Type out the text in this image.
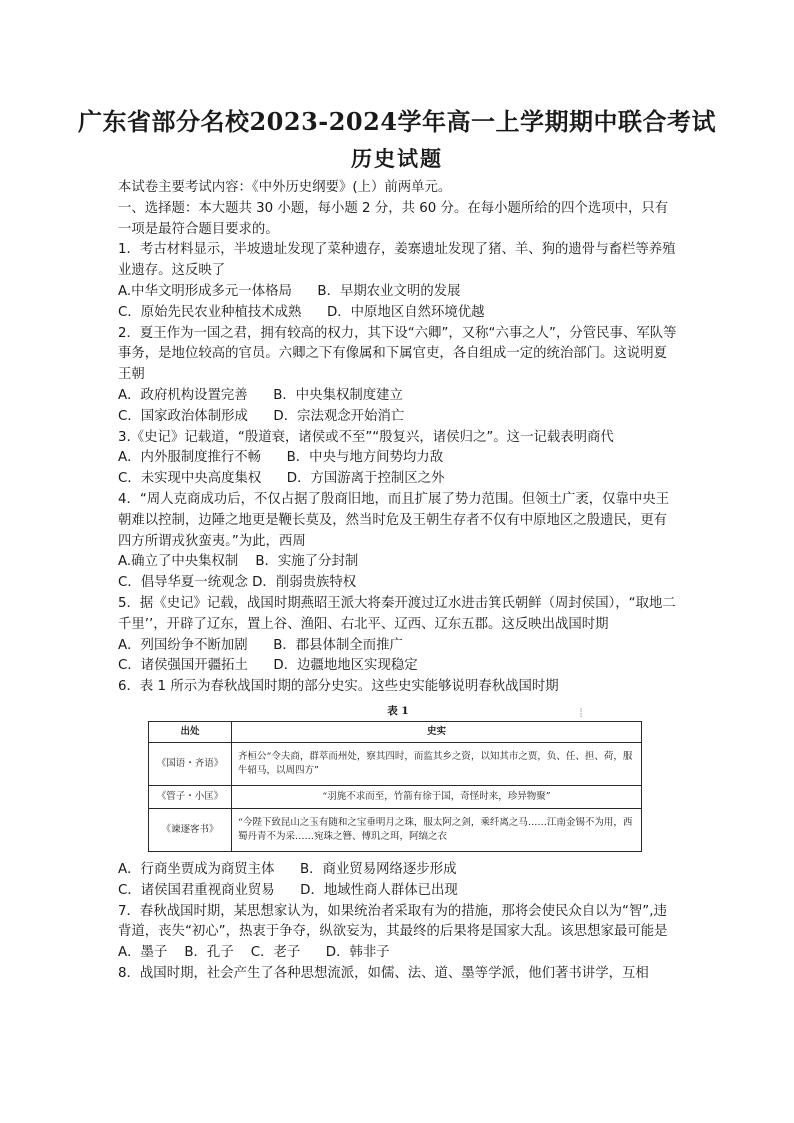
广东省部分名校2023-2024学年高一上学期期中联合考试
历史试题

本试卷主要考试内容：《中外历史纲要》(上）前两单元。

一、选择题：本大题共 30 小题，每小题 2 分，共 60 分。在每小题所给的四个选项中，只有一项是最符合题目要求的。

1．考古材料显示，半坡遗址发现了菜种遗存，姜寨遗址发现了猪、羊、狗的遗骨与畜栏等养殖业遗存。这反映了

A.中华文明形成多元一体格局      B．早期农业文明的发展

C．原始先民农业种植技术成熟      D．中原地区自然环境优越

2．夏王作为一国之君，拥有较高的权力，其下设“六卿”，又称“六事之人”，分管民事、军队等事务，是地位较高的官员。六卿之下有像属和下属官吏，各自组成一定的统治部门。这说明夏王朝

A．政府机构设置完善      B．中央集权制度建立

C．国家政治体制形成      D．宗法观念开始消亡

3.《史记》记载道，“殷道衰，诸侯或不至”“殷复兴，诸侯归之”。这一记载表明商代

A．内外服制度推行不畅      B．中央与地方间势均力敌

C．未实现中央高度集权      D．方国游离于控制区之外

4．“周人克商成功后，不仅占据了殷商旧地，而且扩展了势力范围。但领土广袤，仅靠中央王朝难以控制，边陲之地更是鞭长莫及，然当时危及王朝生存者不仅有中原地区之殷遗民，更有四方所谓戎狄蛮夷。”为此，西周

A.确立了中央集权制    B．实施了分封制

C．倡导华夏一统观念 D．削弱贵族特权

5．据《史记》记载，战国时期燕昭王派大将秦开渡过辽水进击箕氏朝鲜（周封侯国），“取地二千里’’，开辟了辽东，置上谷、渔阳、右北平、辽西、辽东五郡。这反映出战国时期

A．列国纷争不断加剧      B．郡县体制全而推广

C．诸侯强国开疆拓土      D．边疆地地区实现稳定

6．表 1 所示为春秋战国时期的部分史实。这些史实能够说明春秋战国时期

表 1
出处	史实
《国语・齐语》	齐桓公“令夫商，群萃而州处，察其四时，而监其乡之资，以知其市之贾，负、任、担、荷，服牛轺马，以周四方”
《管子・小匡》	“羽旄不求而至，竹箭有徐于国，奇怪时来，珍异物聚”
《谏逐客书》	“今陛下致昆山之玉有随和之宝垂明月之珠，服太阿之剑，乘纤离之马……江南金锡不为用，西蜀丹青不为采……宛珠之簪、傅玑之珥，阿缟之衣

A．行商坐贾成为商贸主体      B．商业贸易网络逐步形成

C．诸侯国君重视商业贸易      D．地域性商人群体已出现

7．春秋战国时期，某思想家认为，如果统治者采取有为的措施，那将会使民众自以为“智”,违背道，丧失“初心”，热衷于争夺，纵欲妄为，其最终的后果将是国家大乱。该思想家最可能是

A．墨子    B．孔子    C．老子      D．韩非子

8．战国时期，社会产生了各种思想流派，如儒、法、道、墨等学派，他们著书讲学，互相

⁞
